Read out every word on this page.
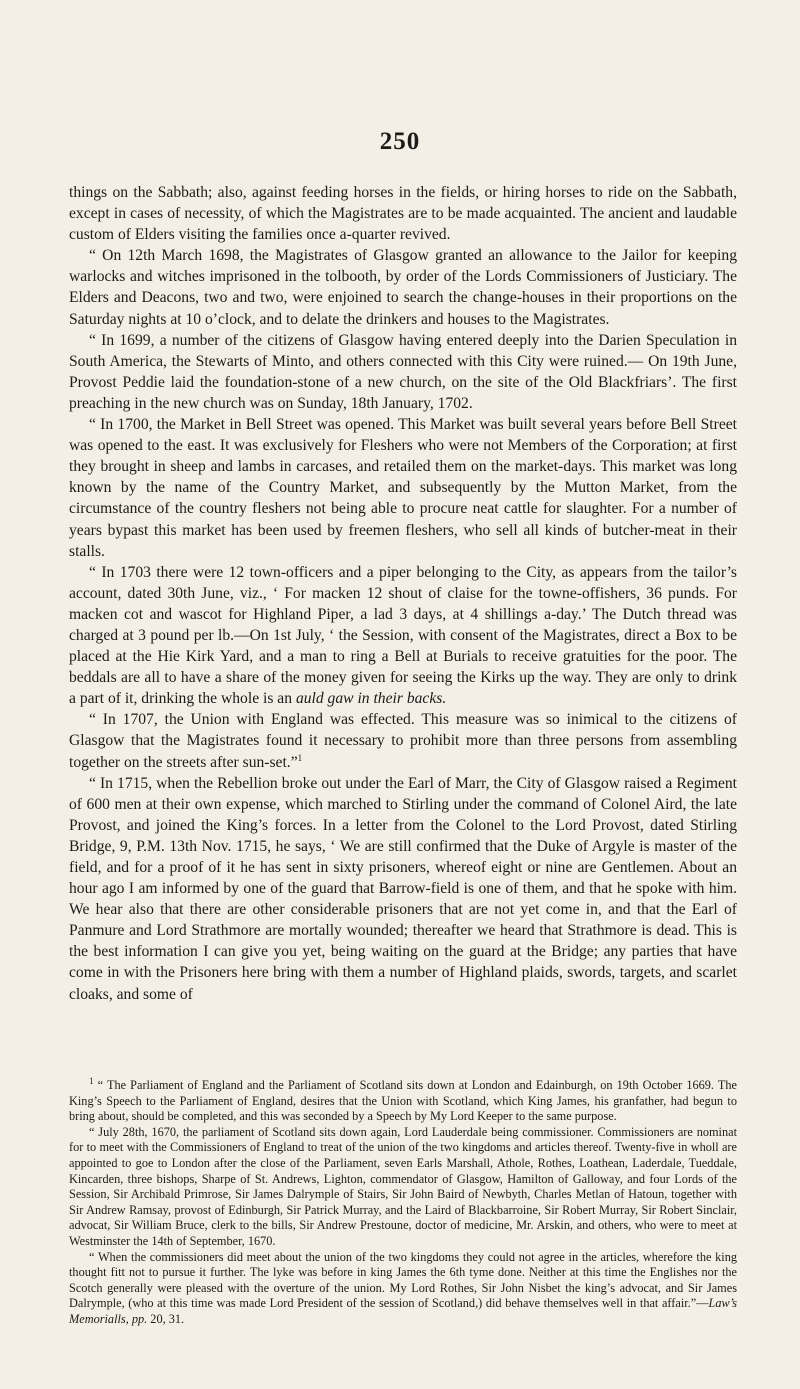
250

things on the Sabbath; also, against feeding horses in the fields, or hiring horses to ride on the Sabbath, except in cases of necessity, of which the Magistrates are to be made acquainted. The ancient and laudable custom of Elders visiting the families once a-quarter revived.

“ On 12th March 1698, the Magistrates of Glasgow granted an allowance to the Jailor for keeping warlocks and witches imprisoned in the tolbooth, by order of the Lords Commissioners of Justiciary. The Elders and Deacons, two and two, were enjoined to search the change-houses in their proportions on the Saturday nights at 10 o’clock, and to delate the drinkers and houses to the Magistrates.

“ In 1699, a number of the citizens of Glasgow having entered deeply into the Darien Speculation in South America, the Stewarts of Minto, and others connected with this City were ruined.— On 19th June, Provost Peddie laid the foundation-stone of a new church, on the site of the Old Blackfriars’. The first preaching in the new church was on Sunday, 18th January, 1702.

“ In 1700, the Market in Bell Street was opened. This Market was built several years before Bell Street was opened to the east. It was exclusively for Fleshers who were not Members of the Corporation; at first they brought in sheep and lambs in carcases, and retailed them on the market-days. This market was long known by the name of the Country Market, and subsequently by the Mutton Market, from the circumstance of the country fleshers not being able to procure neat cattle for slaughter. For a number of years bypast this market has been used by freemen fleshers, who sell all kinds of butcher-meat in their stalls.

“ In 1703 there were 12 town-officers and a piper belonging to the City, as appears from the tailor’s account, dated 30th June, viz., ‘ For macken 12 shout of claise for the towne-offishers, 36 punds. For macken cot and wascot for Highland Piper, a lad 3 days, at 4 shillings a-day.’ The Dutch thread was charged at 3 pound per lb.—On 1st July, ‘ the Session, with consent of the Magistrates, direct a Box to be placed at the Hie Kirk Yard, and a man to ring a Bell at Burials to receive gratuities for the poor. The beddals are all to have a share of the money given for seeing the Kirks up the way. They are only to drink a part of it, drinking the whole is an auld gaw in their backs.

“ In 1707, the Union with England was effected. This measure was so inimical to the citizens of Glasgow that the Magistrates found it necessary to prohibit more than three persons from assembling together on the streets after sun-set.”$^1$

“ In 1715, when the Rebellion broke out under the Earl of Marr, the City of Glasgow raised a Regiment of 600 men at their own expense, which marched to Stirling under the command of Colonel Aird, the late Provost, and joined the King’s forces. In a letter from the Colonel to the Lord Provost, dated Stirling Bridge, 9, P.M. 13th Nov. 1715, he says, ‘ We are still confirmed that the Duke of Argyle is master of the field, and for a proof of it he has sent in sixty prisoners, whereof eight or nine are Gentlemen. About an hour ago I am informed by one of the guard that Barrow-field is one of them, and that he spoke with him. We hear also that there are other considerable prisoners that are not yet come in, and that the Earl of Panmure and Lord Strathmore are mortally wounded; thereafter we heard that Strathmore is dead. This is the best information I can give you yet, being waiting on the guard at the Bridge; any parties that have come in with the Prisoners here bring with them a number of Highland plaids, swords, targets, and scarlet cloaks, and some of

$^1$ “ The Parliament of England and the Parliament of Scotland sits down at London and Edainburgh, on 19th October 1669. The King’s Speech to the Parliament of England, desires that the Union with Scotland, which King James, his granfather, had begun to bring about, should be completed, and this was seconded by a Speech by My Lord Keeper to the same purpose.

“ July 28th, 1670, the parliament of Scotland sits down again, Lord Lauderdale being commissioner. Commissioners are nominat for to meet with the Commissioners of England to treat of the union of the two kingdoms and articles thereof. Twenty-five in wholl are appointed to goe to London after the close of the Parliament, seven Earls Marshall, Athole, Rothes, Loathean, Laderdale, Tueddale, Kincarden, three bishops, Sharpe of St. Andrews, Lighton, commendator of Glasgow, Hamilton of Galloway, and four Lords of the Session, Sir Archibald Primrose, Sir James Dalrymple of Stairs, Sir John Baird of Newbyth, Charles Metlan of Hatoun, together with Sir Andrew Ramsay, provost of Edinburgh, Sir Patrick Murray, and the Laird of Blackbarroine, Sir Robert Murray, Sir Robert Sinclair, advocat, Sir William Bruce, clerk to the bills, Sir Andrew Prestoune, doctor of medicine, Mr. Arskin, and others, who were to meet at Westminster the 14th of September, 1670.

“ When the commissioners did meet about the union of the two kingdoms they could not agree in the articles, wherefore the king thought fitt not to pursue it further. The lyke was before in king James the 6th tyme done. Neither at this time the Englishes nor the Scotch generally were pleased with the overture of the union. My Lord Rothes, Sir John Nisbet the king’s advocat, and Sir James Dalrymple, (who at this time was made Lord President of the session of Scotland,) did behave themselves well in that affair.”—Law’s Memorialls, pp. 20, 31.
